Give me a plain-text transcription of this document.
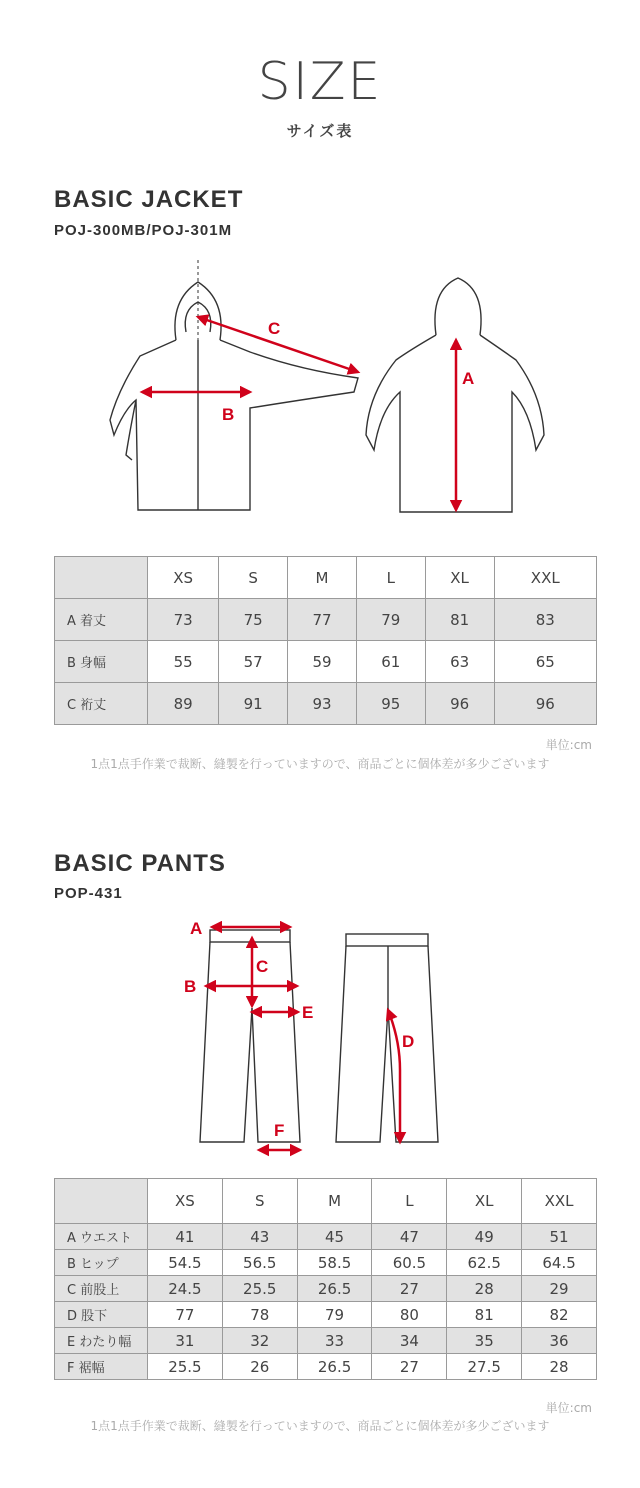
SIZE
サイズ表
BASIC JACKET
POJ-300MB/POJ-301M
C
B
A
	XS	S	M	L	XL	XXL
A 着丈	73	75	77	79	81	83
B 身幅	55	57	59	61	63	65
C 裄丈	89	91	93	95	96	96
単位:cm
1点1点手作業で裁断、縫製を行っていますので、商品ごとに個体差が多少ございます
BASIC PANTS
POP-431
A
C
B
E
F
D
	XS	S	M	L	XL	XXL
A ウエスト	41	43	45	47	49	51
B ヒップ	54.5	56.5	58.5	60.5	62.5	64.5
C 前股上	24.5	25.5	26.5	27	28	29
D 股下	77	78	79	80	81	82
E わたり幅	31	32	33	34	35	36
F 裾幅	25.5	26	26.5	27	27.5	28
単位:cm
1点1点手作業で裁断、縫製を行っていますので、商品ごとに個体差が多少ございます
